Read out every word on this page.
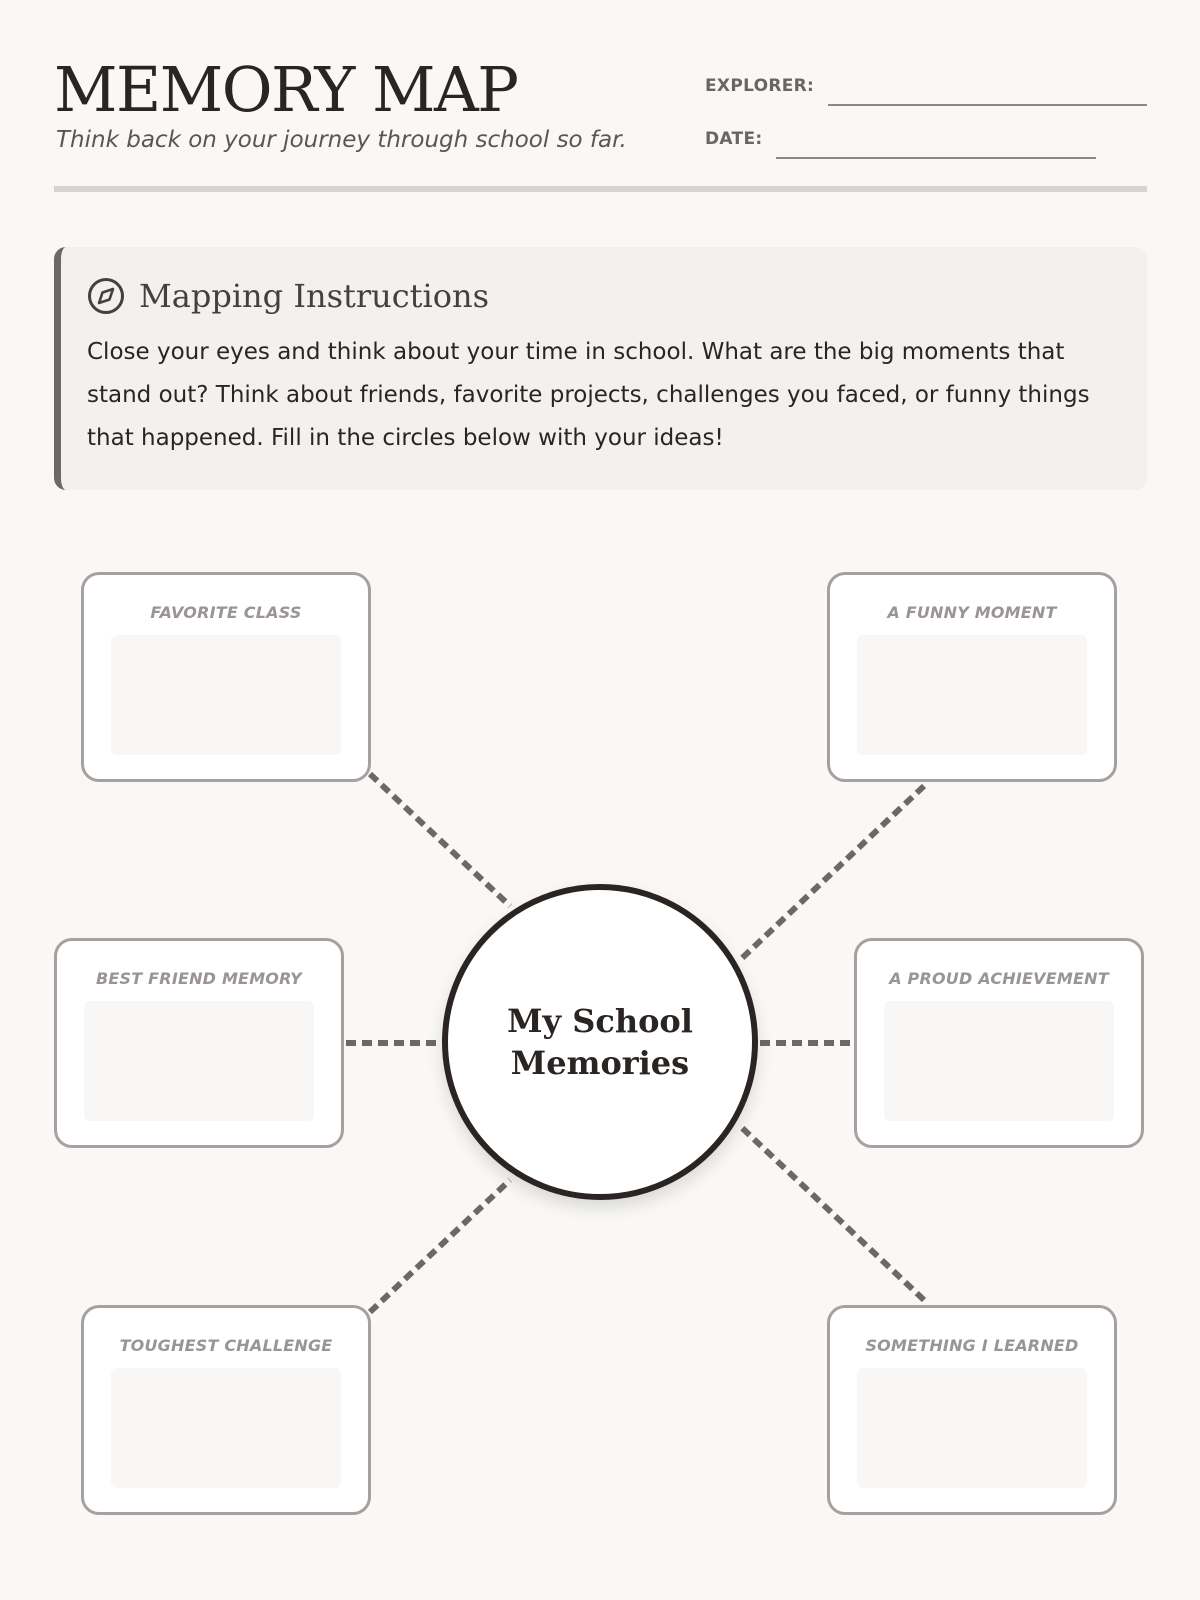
MEMORY MAP

Think back on your journey through school so far.

EXPLORER:
DATE:
Mapping Instructions

Close your eyes and think about your time in school. What are the big moments that stand out? Think about friends, favorite projects, challenges you faced, or funny things that happened. Fill in the circles below with your ideas!

FAVORITE CLASS	A FUNNY MOMENT
BEST FRIEND MEMORY	A PROUD ACHIEVEMENT
TOUGHEST CHALLENGE	SOMETHING I LEARNED
My School
Memories
